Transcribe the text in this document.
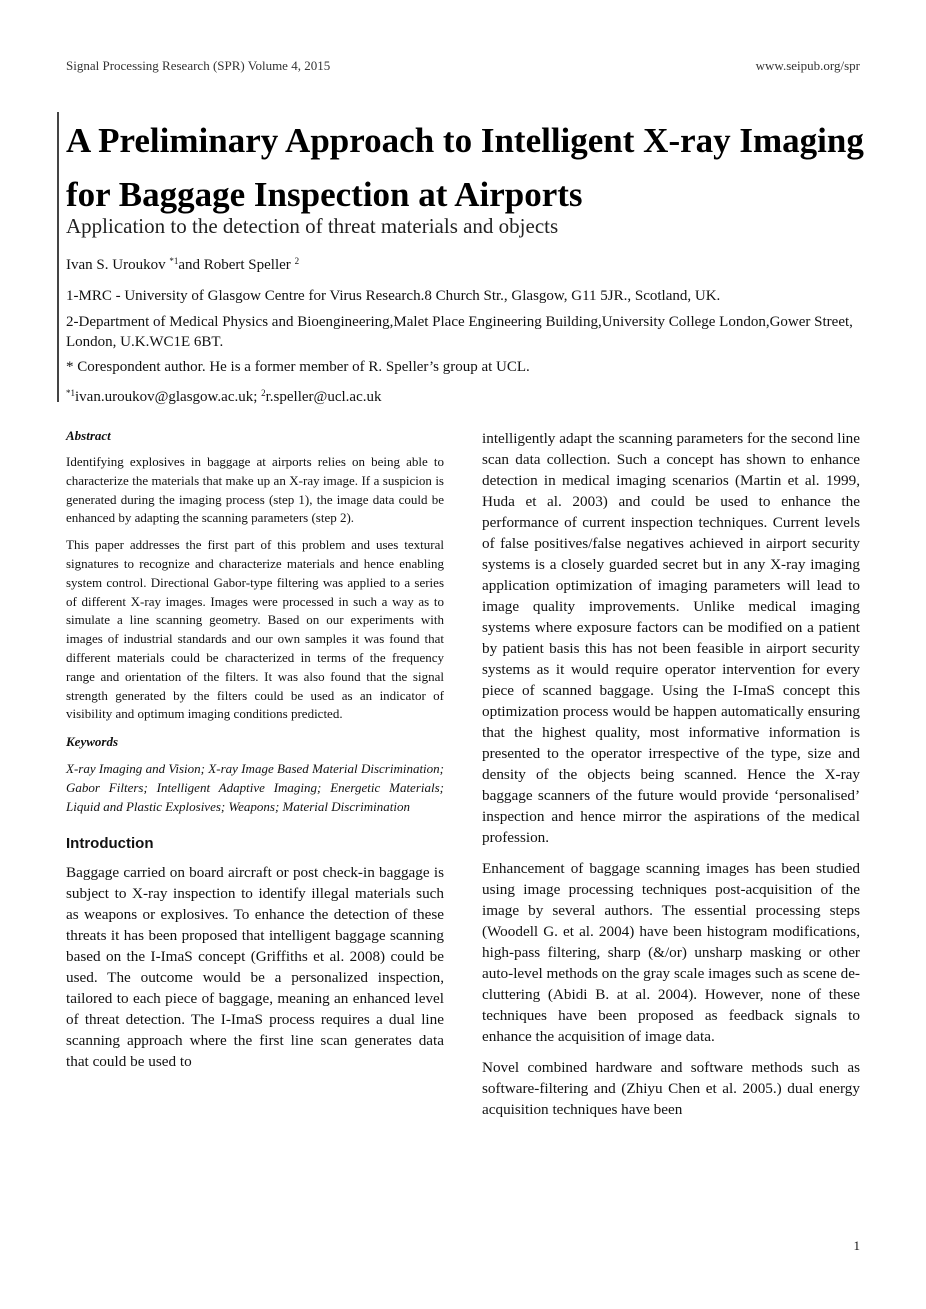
Signal Processing Research (SPR) Volume 4, 2015	www.seipub.org/spr
A Preliminary Approach to Intelligent X-ray Imaging for Baggage Inspection at Airports
Application to the detection of threat materials and objects
Ivan S. Uroukov $^{*1}$and Robert Speller $^2$
1-MRC - University of Glasgow Centre for Virus Research.8 Church Str., Glasgow, G11 5JR., Scotland, UK.
2-Department of Medical Physics and Bioengineering,Malet Place Engineering Building,University College London,Gower Street, London, U.K.WC1E 6BT.
* Corespondent author. He is a former member of R. Speller’s group at UCL.
$^{*1}$ivan.uroukov@glasgow.ac.uk; $^2$r.speller@ucl.ac.uk

Abstract

Identifying explosives in baggage at airports relies on being able to characterize the materials that make up an X-ray image. If a suspicion is generated during the imaging process (step 1), the image data could be enhanced by adapting the scanning parameters (step 2).

This paper addresses the first part of this problem and uses textural signatures to recognize and characterize materials and hence enabling system control. Directional Gabor-type filtering was applied to a series of different X-ray images. Images were processed in such a way as to simulate a line scanning geometry. Based on our experiments with images of industrial standards and our own samples it was found that different materials could be characterized in terms of the frequency range and orientation of the filters. It was also found that the signal strength generated by the filters could be used as an indicator of visibility and optimum imaging conditions predicted.

Keywords

X-ray Imaging and Vision; X-ray Image Based Material Discrimination; Gabor Filters; Intelligent Adaptive Imaging; Energetic Materials; Liquid and Plastic Explosives; Weapons; Material Discrimination

Introduction

Baggage carried on board aircraft or post check-in baggage is subject to X-ray inspection to identify illegal materials such as weapons or explosives. To enhance the detection of these threats it has been proposed that intelligent baggage scanning based on the I-ImaS concept (Griffiths et al. 2008) could be used. The outcome would be a personalized inspection, tailored to each piece of baggage, meaning an enhanced level of threat detection. The I-ImaS process requires a dual line scanning approach where the first line scan generates data that could be used to

intelligently adapt the scanning parameters for the second line scan data collection. Such a concept has shown to enhance detection in medical imaging scenarios (Martin et al. 1999, Huda et al. 2003) and could be used to enhance the performance of current inspection techniques. Current levels of false positives/false negatives achieved in airport security systems is a closely guarded secret but in any X-ray imaging application optimization of imaging parameters will lead to image quality improvements. Unlike medical imaging systems where exposure factors can be modified on a patient by patient basis this has not been feasible in airport security systems as it would require operator intervention for every piece of scanned baggage. Using the I-ImaS concept this optimization process would be happen automatically ensuring that the highest quality, most informative information is presented to the operator irrespective of the type, size and density of the objects being scanned. Hence the X-ray baggage scanners of the future would provide ‘personalised’ inspection and hence mirror the aspirations of the medical profession.

Enhancement of baggage scanning images has been studied using image processing techniques post-acquisition of the image by several authors. The essential processing steps (Woodell G. et al. 2004) have been histogram modifications, high-pass filtering, sharp (&/or) unsharp masking or other auto-level methods on the gray scale images such as scene de-cluttering (Abidi B. at al. 2004). However, none of these techniques have been proposed as feedback signals to enhance the acquisition of image data.

Novel combined hardware and software methods such as software-filtering and (Zhiyu Chen et al. 2005.) dual energy acquisition techniques have been

1
